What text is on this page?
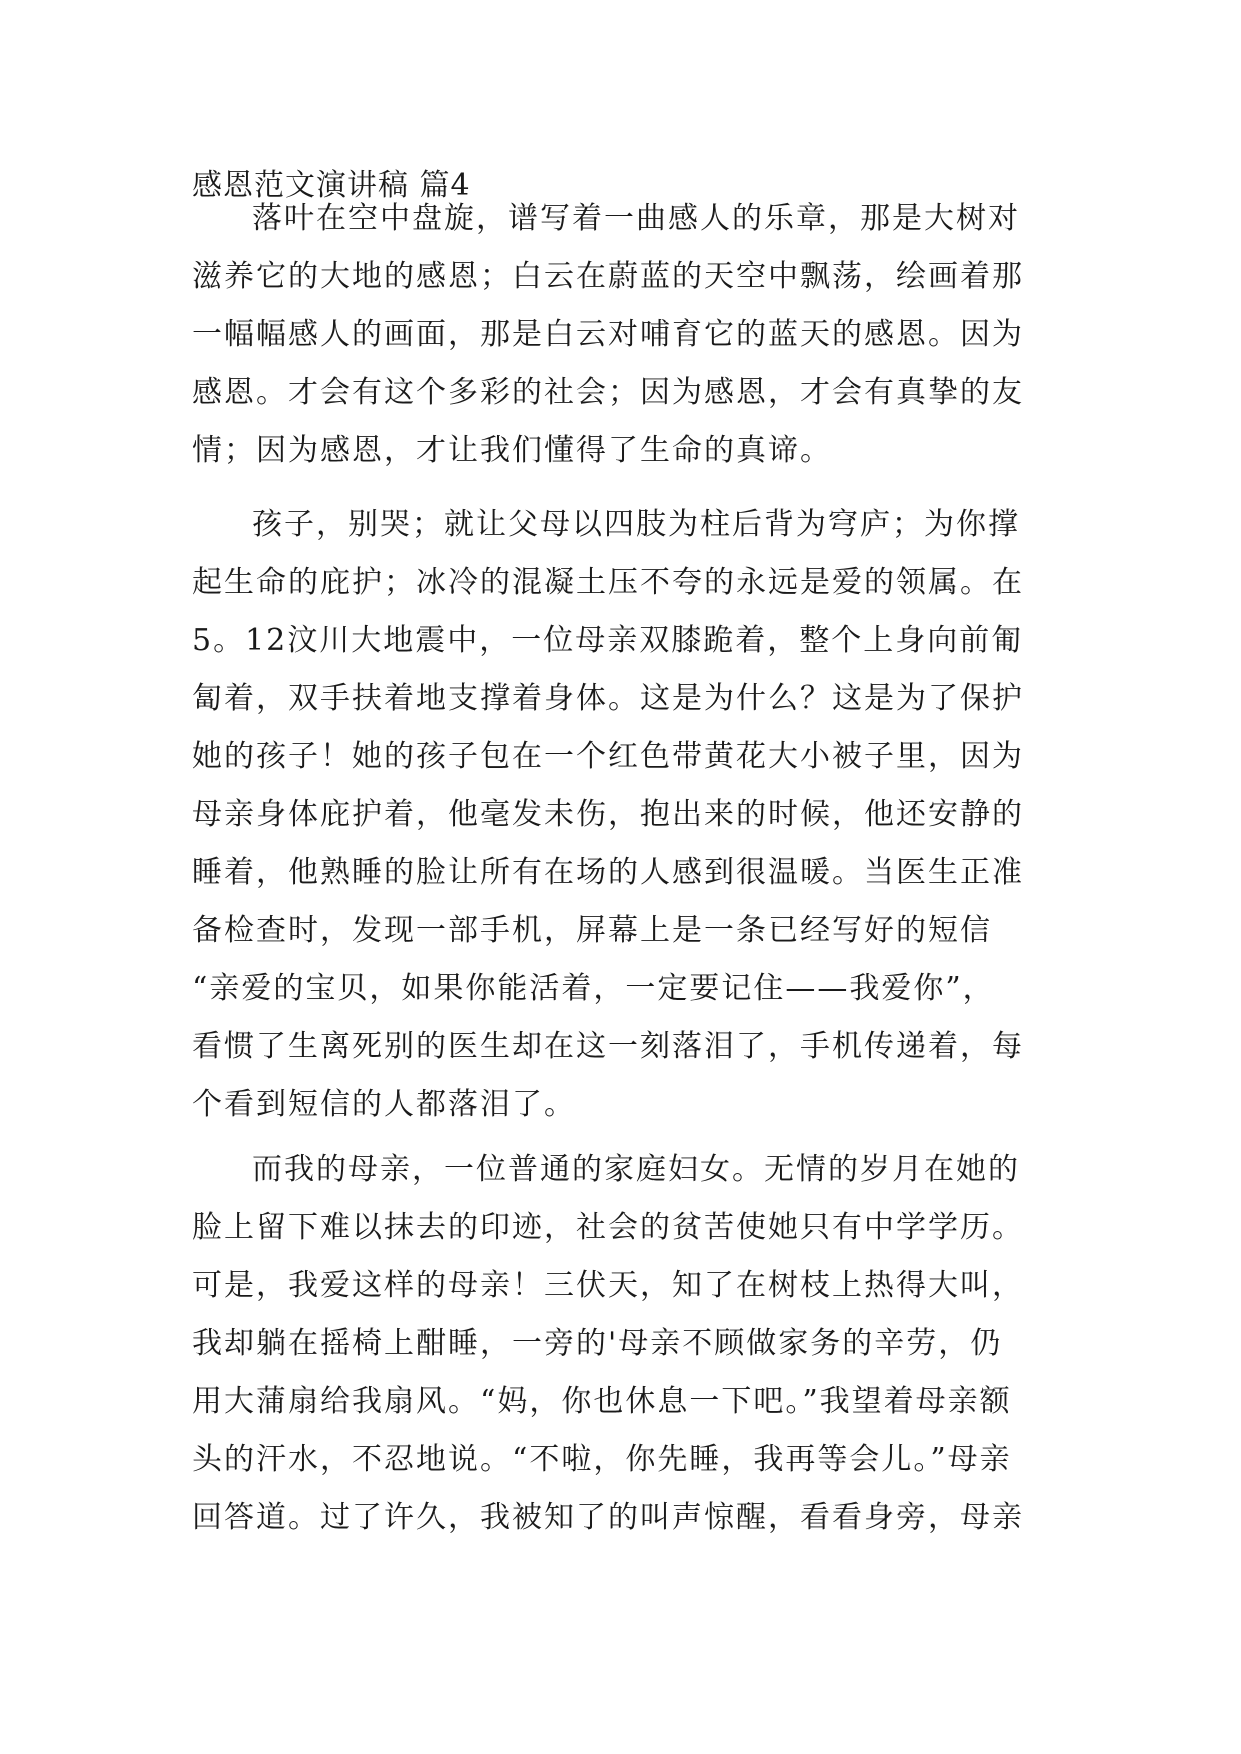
感恩范文演讲稿 篇4
落叶在空中盘旋，谱写着一曲感人的乐章，那是大树对
滋养它的大地的感恩；白云在蔚蓝的天空中飘荡，绘画着那
一幅幅感人的画面，那是白云对哺育它的蓝天的感恩。因为
感恩。才会有这个多彩的社会；因为感恩，才会有真挚的友
情；因为感恩，才让我们懂得了生命的真谛。
孩子，别哭；就让父母以四肢为柱后背为穹庐；为你撑
起生命的庇护；冰冷的混凝土压不夸的永远是爱的领属。在
5。12汶川大地震中，一位母亲双膝跪着，整个上身向前匍
匐着，双手扶着地支撑着身体。这是为什么？这是为了保护
她的孩子！她的孩子包在一个红色带黄花大小被子里，因为
母亲身体庇护着，他毫发未伤，抱出来的时候，他还安静的
睡着，他熟睡的脸让所有在场的人感到很温暖。当医生正准
备检查时，发现一部手机，屏幕上是一条已经写好的短信
“亲爱的宝贝，如果你能活着，一定要记住——我爱你”，
看惯了生离死别的医生却在这一刻落泪了，手机传递着，每
个看到短信的人都落泪了。
而我的母亲，一位普通的家庭妇女。无情的岁月在她的
脸上留下难以抹去的印迹，社会的贫苦使她只有中学学历。
可是，我爱这样的母亲！三伏天，知了在树枝上热得大叫，
我却躺在摇椅上酣睡，一旁的'母亲不顾做家务的辛劳，仍
用大蒲扇给我扇风。“妈，你也休息一下吧。”我望着母亲额
头的汗水，不忍地说。“不啦，你先睡，我再等会儿。”母亲
回答道。过了许久，我被知了的叫声惊醒，看看身旁，母亲
